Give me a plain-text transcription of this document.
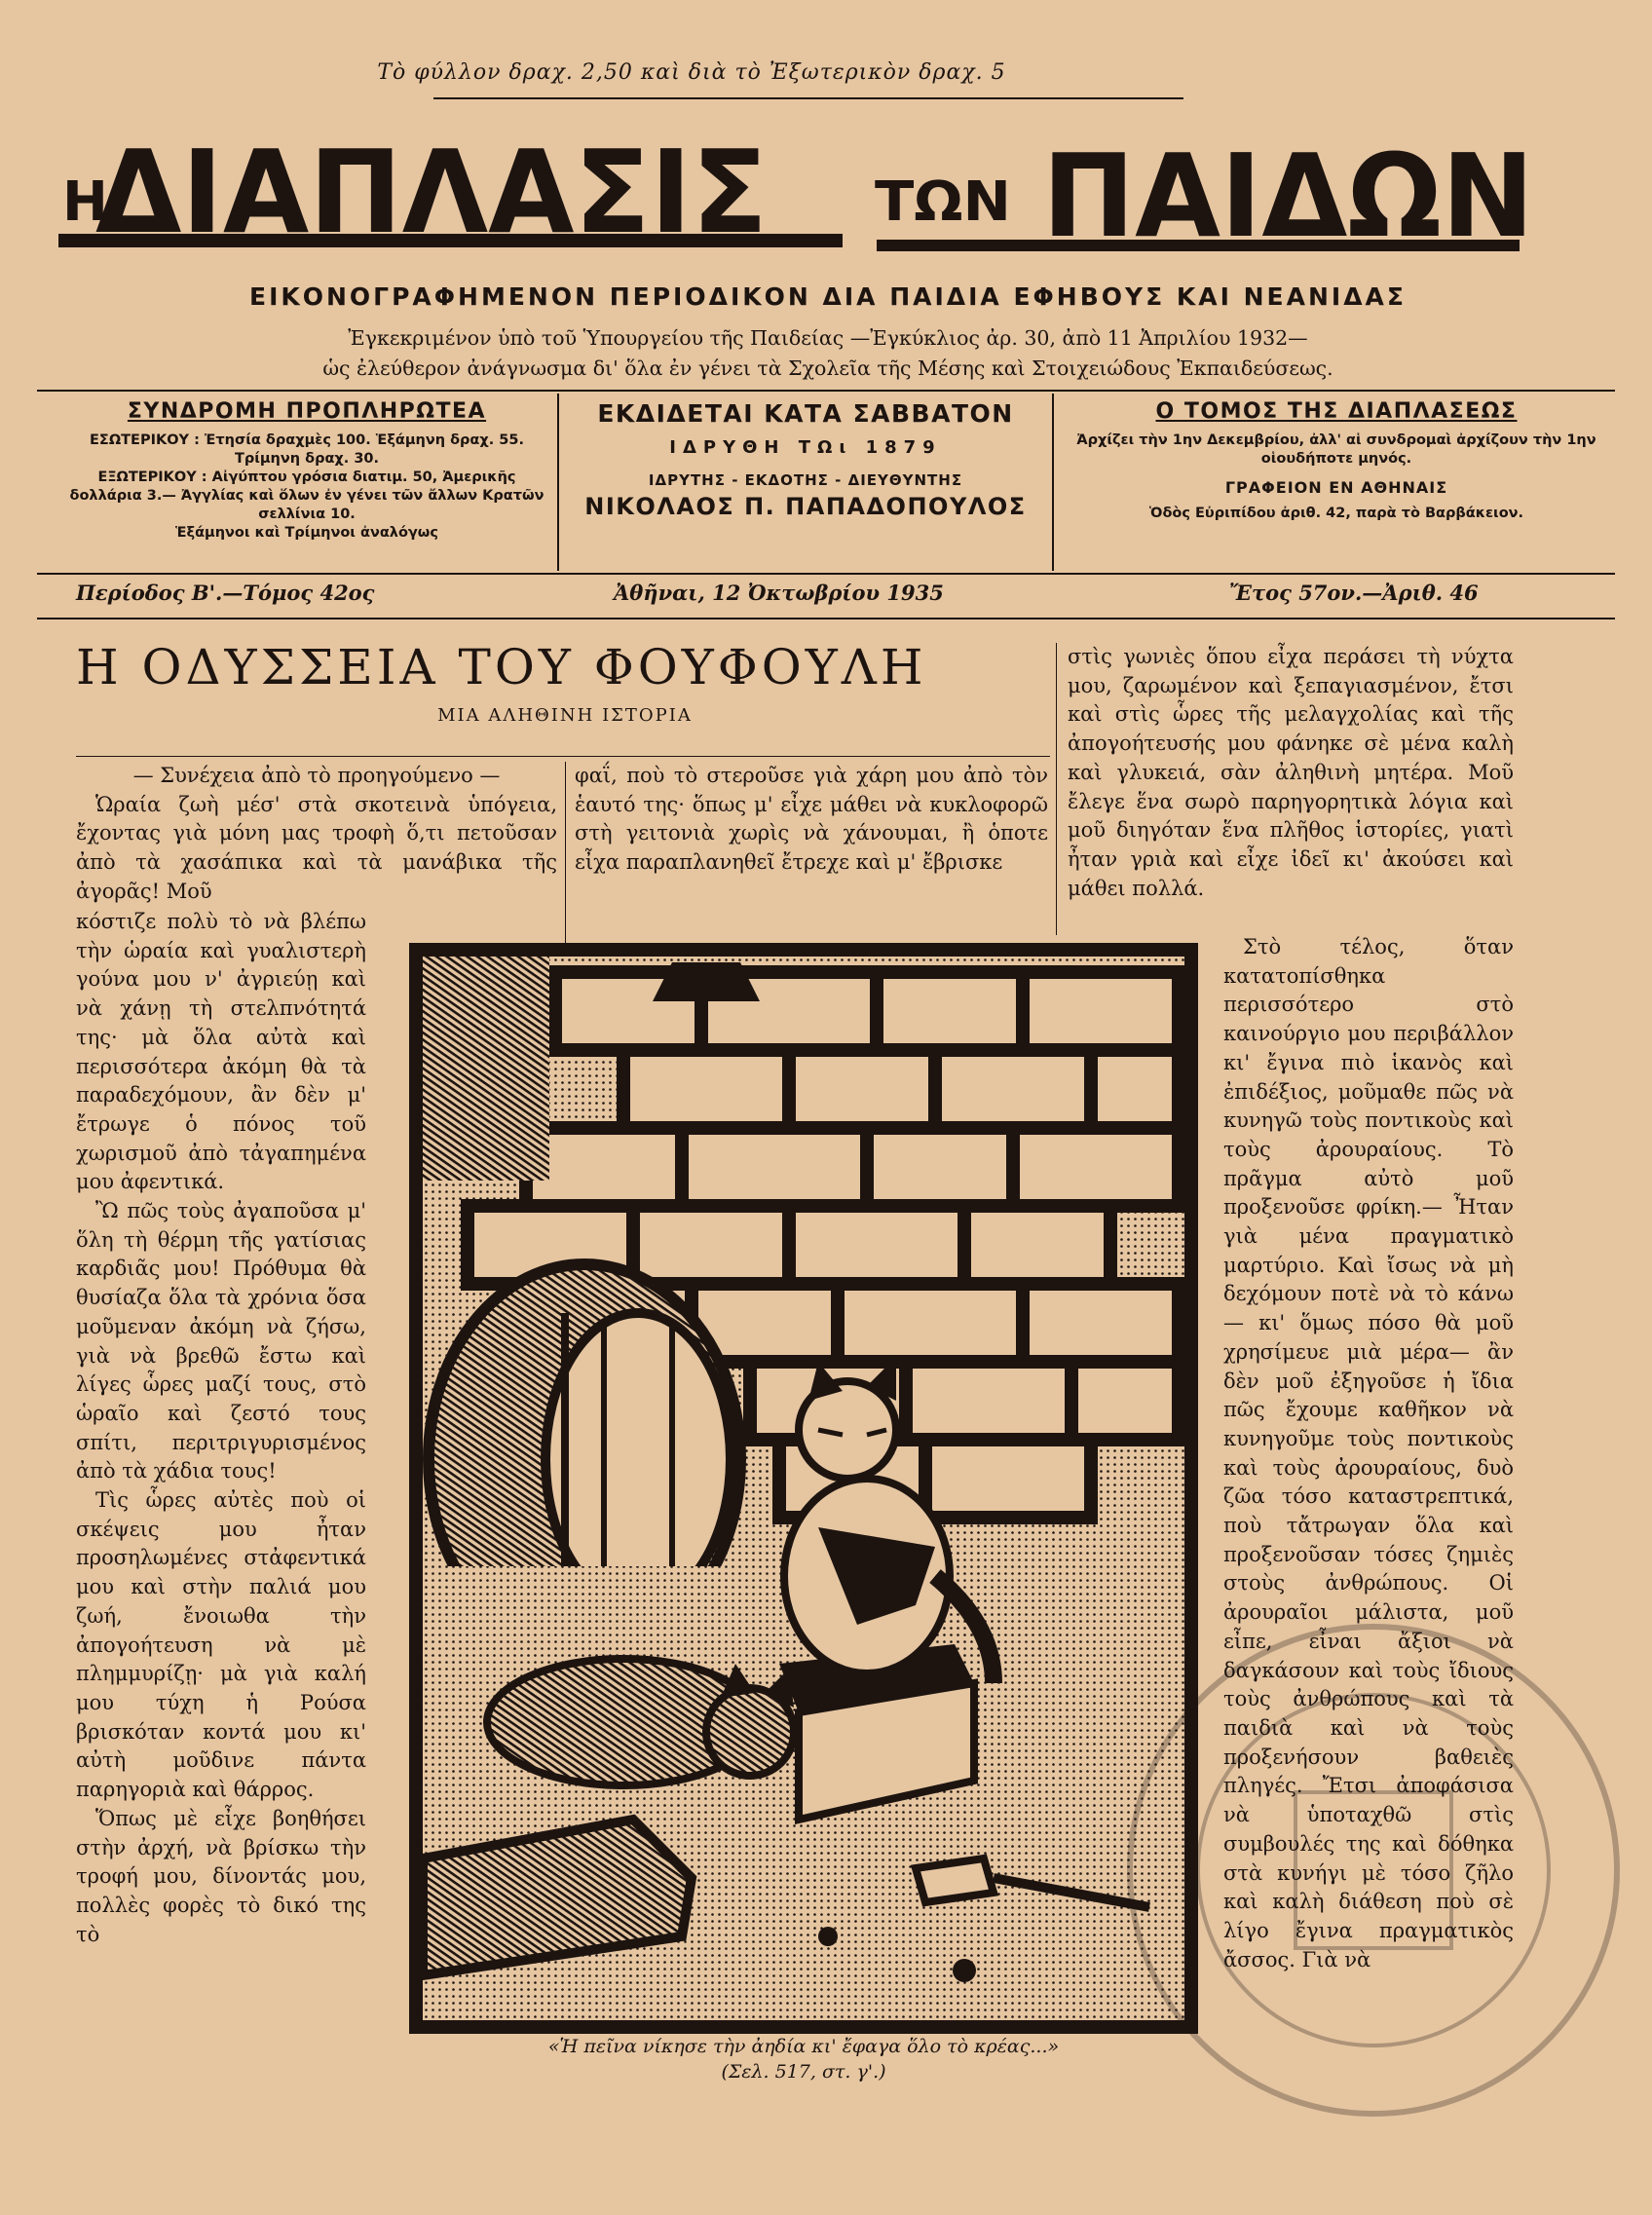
Τὸ φύλλον δραχ. 2,50 καὶ διὰ τὸ Ἐξωτερικὸν δραχ. 5
Η
ΔΙΑΠΛΑΣΙΣ ΤΩΝ ΠΑΙΔΩΝ
ΕΙΚΟΝΟΓΡΑΦΗΜΕΝΟΝ ΠΕΡΙΟΔΙΚΟΝ ΔΙΑ ΠΑΙΔΙΑ ΕΦΗΒΟΥΣ ΚΑΙ ΝΕΑΝΙΔΑΣ
Ἐγκεκριμένον ὑπὸ τοῦ Ὑπουργείου τῆς Παιδείας —Ἐγκύκλιος ἀρ. 30, ἀπὸ 11 Ἀπριλίου 1932—
ὡς ἐλεύθερον ἀνάγνωσμα δι' ὅλα ἐν γένει τὰ Σχολεῖα τῆς Μέσης καὶ Στοιχειώδους Ἐκπαιδεύσεως.
ΣΥΝΔΡΟΜΗ ΠΡΟΠΛΗΡΩΤΕΑ

ΕΣΩΤΕΡΙΚΟΥ : Ἐτησία δραχμὲς 100. Ἑξάμηνη δραχ. 55. Τρίμηνη δραχ. 30.

ΕΞΩΤΕΡΙΚΟΥ : Αἰγύπτου γρόσια διατιμ. 50, Ἀμερικῆς δολλάρια 3.— Ἀγγλίας καὶ ὅλων ἐν γένει τῶν ἄλλων Κρατῶν σελλίνια 10.

Ἑξάμηνοι καὶ Τρίμηνοι ἀναλόγως

ΕΚΔΙΔΕΤΑΙ ΚΑΤΑ ΣΑΒΒΑΤΟΝ
ΙΔΡΥΘΗ ΤΩι 1879
ΙΔΡΥΤΗΣ - ΕΚΔΟΤΗΣ - ΔΙΕΥΘΥΝΤΗΣ
ΝΙΚΟΛΑΟΣ Π. ΠΑΠΑΔΟΠΟΥΛΟΣ
Ο ΤΟΜΟΣ ΤΗΣ ΔΙΑΠΛΑΣΕΩΣ

Ἀρχίζει τὴν 1ην Δεκεμβρίου, ἀλλ' αἱ συνδρομαὶ ἀρχίζουν τὴν 1ην οἱουδήποτε μηνός.

ΓΡΑΦΕΙΟΝ ΕΝ ΑΘΗΝΑΙΣ

Ὁδὸς Εὐριπίδου ἀριθ. 42, παρὰ τὸ Βαρβάκειον.

Περίοδος Β'.—Τόμος 42ος	Ἀθῆναι, 12 Ὀκτωβρίου 1935	Ἔτος 57ον.—Ἀριθ. 46
Η ΟΔΥΣΣΕΙΑ ΤΟΥ ΦΟΥΦΟΥΛΗ
ΜΙΑ ΑΛΗΘΙΝΗ ΙΣΤΟΡΙΑ

— Συνέχεια ἀπὸ τὸ προηγούμενο —

Ὡραία ζωὴ μέσ' στὰ σκοτεινὰ ὑπόγεια, ἔχοντας γιὰ μόνη μας τροφὴ ὅ,τι πετοῦσαν ἀπὸ τὰ χασάπικα καὶ τὰ μανάβικα τῆς ἀγορᾶς! Μοῦ

κόστιζε πολὺ τὸ νὰ βλέπω τὴν ὡραία καὶ γυαλιστερὴ γούνα μου ν' ἀγριεύῃ καὶ νὰ χάνῃ τὴ στελπνότητά της· μὰ ὅλα αὐτὰ καὶ περισσότερα ἀκόμη θὰ τὰ παραδεχόμουν, ἂν δὲν μ' ἔτρωγε ὁ πόνος τοῦ χωρισμοῦ ἀπὸ τἀγαπημένα μου ἀφεντικά.

Ὢ πῶς τοὺς ἀγαποῦσα μ' ὅλη τὴ θέρμη τῆς γατίσιας καρδιᾶς μου! Πρόθυμα θὰ θυσίαζα ὅλα τὰ χρόνια ὅσα μοῦμεναν ἀκόμη νὰ ζήσω, γιὰ νὰ βρεθῶ ἔστω καὶ λίγες ὧρες μαζί τους, στὸ ὡραῖο καὶ ζεστό τους σπίτι, περιτριγυρισμένος ἀπὸ τὰ χάδια τους!

Τὶς ὧρες αὐτὲς ποὺ οἱ σκέψεις μου ἦταν προσηλωμένες στἀφεντικά μου καὶ στὴν παλιά μου ζωή, ἔνοιωθα τὴν ἀπογοήτευση νὰ μὲ πλημμυρίζῃ· μὰ γιὰ καλή μου τύχη ἡ Ρούσα βρισκόταν κοντά μου κι' αὐτὴ μοῦδινε πάντα παρηγοριὰ καὶ θάρρος.

Ὅπως μὲ εἶχε βοηθήσει στὴν ἀρχή, νὰ βρίσκω τὴν τροφή μου, δίνοντάς μου, πολλὲς φορὲς τὸ δικό της τὸ

φαΐ, ποὺ τὸ στεροῦσε γιὰ χάρη μου ἀπὸ τὸν ἑαυτό της· ὅπως μ' εἶχε μάθει νὰ κυκλοφορῶ στὴ γειτονιὰ χωρὶς νὰ χάνουμαι, ἢ ὁποτε εἶχα παραπλανηθεῖ ἔτρεχε καὶ μ' ἔβρισκε

στὶς γωνιὲς ὅπου εἶχα περάσει τὴ νύχτα μου, ζαρωμένον καὶ ξεπαγιασμένον, ἔτσι καὶ στὶς ὧρες τῆς μελαγχολίας καὶ τῆς ἀπογοήτευσής μου φάνηκε σὲ μένα καλὴ καὶ γλυκειά, σὰν ἀληθινὴ μητέρα. Μοῦ ἔλεγε ἕνα σωρὸ παρηγορητικὰ λόγια καὶ μοῦ διηγόταν ἕνα πλῆθος ἱστορίες, γιατὶ ἦταν γριὰ καὶ εἶχε ἰδεῖ κι' ἀκούσει καὶ μάθει πολλά.

Στὸ τέλος, ὅταν κατατοπίσθηκα περισσότερο στὸ καινούργιο μου περιβάλλον κι' ἔγινα πιὸ ἱκανὸς καὶ ἐπιδέξιος, μοῦμαθε πῶς νὰ κυνηγῶ τοὺς ποντικοὺς καὶ τοὺς ἀρουραίους. Τὸ πρᾶγμα αὐτὸ μοῦ προξενοῦσε φρίκη.— Ἦταν γιὰ μένα πραγματικὸ μαρτύριο. Καὶ ἴσως νὰ μὴ δεχόμουν ποτὲ νὰ τὸ κάνω— κι' ὅμως πόσο θὰ μοῦ χρησίμευε μιὰ μέρα— ἂν δὲν μοῦ ἐξηγοῦσε ἡ ἴδια πῶς ἔχουμε καθῆκον νὰ κυνηγοῦμε τοὺς ποντικοὺς καὶ τοὺς ἀρουραίους, δυὸ ζῶα τόσο καταστρεπτικά, ποὺ τἄτρωγαν ὅλα καὶ προξενοῦσαν τόσες ζημιὲς στοὺς ἀνθρώπους. Οἱ ἀρουραῖοι μάλιστα, μοῦ εἶπε, εἶναι ἄξιοι νὰ δαγκάσουν καὶ τοὺς ἴδιους τοὺς ἀνθρώπους καὶ τὰ παιδιὰ καὶ νὰ τοὺς προξενήσουν βαθειὲς πληγές. Ἔτσι ἀποφάσισα νὰ ὑποταχθῶ στὶς συμβουλές της καὶ δόθηκα στὰ κυνήγι μὲ τόσο ζῆλο καὶ καλὴ διάθεση ποὺ σὲ λίγο ἔγινα πραγματικὸς ἄσσος. Γιὰ νὰ

«Ἡ πεῖνα νίκησε τὴν ἀηδία κι' ἔφαγα ὅλο τὸ κρέας...»
(Σελ. 517, στ. γ'.)
